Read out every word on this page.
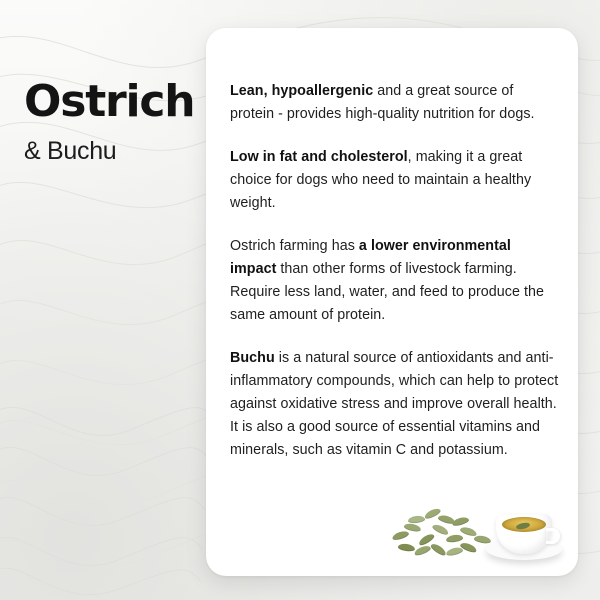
Ostrich
& Buchu

Lean, hypoallergenic and a great source of protein - provides high-quality nutrition for dogs.

Low in fat and cholesterol, making it a great choice for dogs who need to maintain a healthy weight.

Ostrich farming has a lower environmental impact than other forms of livestock farming. Require less land, water, and feed to produce the same amount of protein.

Buchu is a natural source of antioxidants and anti-inflammatory compounds, which can help to protect against oxidative stress and improve overall health. It is also a good source of essential vitamins and minerals, such as vitamin C and potassium.
